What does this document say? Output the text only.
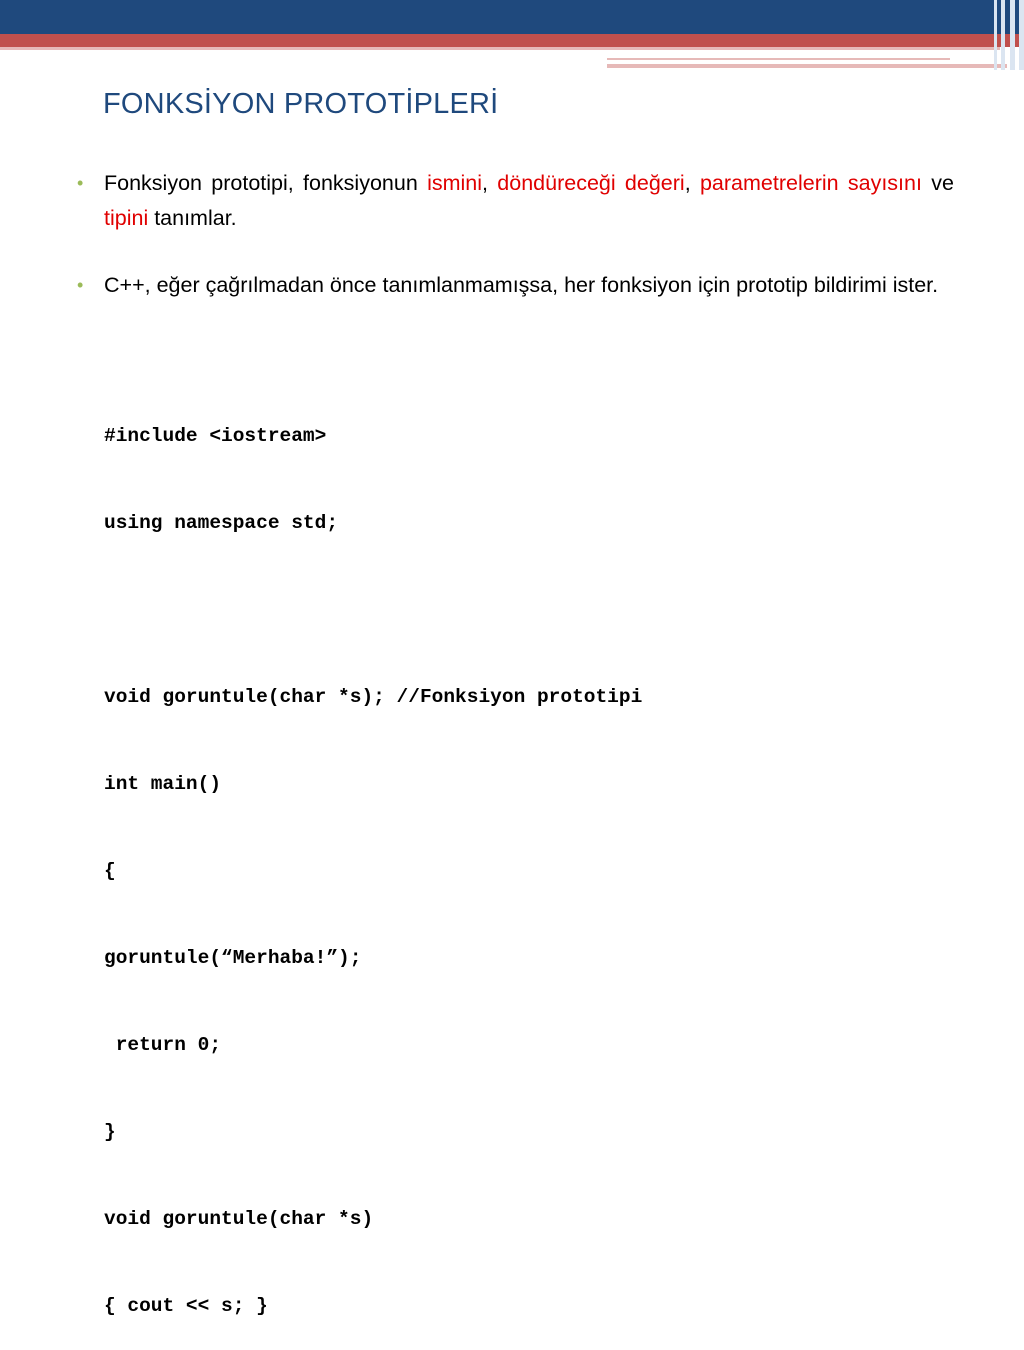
FONKSİYON PROTOTİPLERİ
• Fonksiyon prototipi, fonksiyonun ismini, döndüreceği değeri, parametrelerin sayısını ve tipini tanımlar.
• C++, eğer çağrılmadan önce tanımlanmamışsa, her fonksiyon için prototip bildirimi ister.

#include <iostream>

using namespace std;

void goruntule(char *s); //Fonksiyon prototipi

int main()

{

goruntule(“Merhaba!”);

return 0;

}

void goruntule(char *s)

{ cout << s; }
